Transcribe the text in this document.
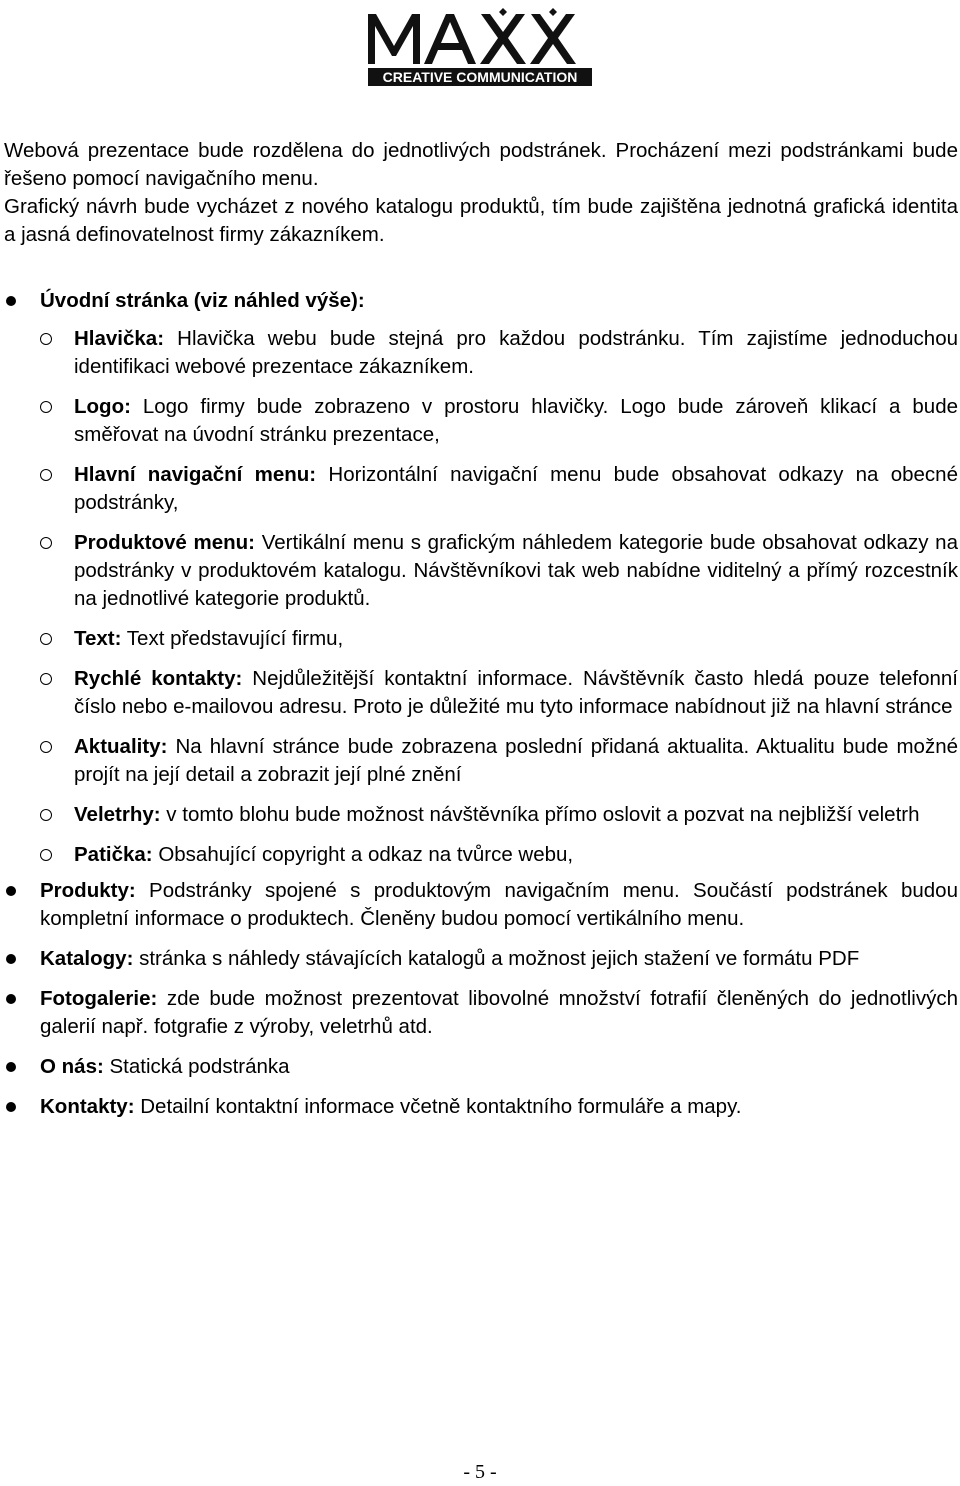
CREATIVE COMMUNICATION

Webová prezentace bude rozdělena do jednotlivých podstránek. Procházení mezi podstránkami bude řešeno pomocí navigačního menu.

Grafický návrh bude vycházet z nového katalogu produktů, tím bude zajištěna jednotná grafická identita a jasná definovatelnost firmy zákazníkem.

Úvodní stránka (viz náhled výše):
Hlavička: Hlavička webu bude stejná pro každou podstránku. Tím zajistíme jednoduchou identifikaci webové prezentace zákazníkem.
Logo: Logo firmy bude zobrazeno v prostoru hlavičky. Logo bude zároveň klikací a bude směřovat na úvodní stránku prezentace,
Hlavní navigační menu: Horizontální navigační menu bude obsahovat odkazy na obecné podstránky,
Produktové menu: Vertikální menu s grafickým náhledem kategorie bude obsahovat odkazy na podstránky v produktovém katalogu. Návštěvníkovi tak web nabídne viditelný a přímý rozcestník na jednotlivé kategorie produktů.
Text: Text představující firmu,
Rychlé kontakty: Nejdůležitější kontaktní informace. Návštěvník často hledá pouze telefonní číslo nebo e-mailovou adresu. Proto je důležité mu tyto informace nabídnout již na hlavní stránce
Aktuality: Na hlavní stránce bude zobrazena poslední přidaná aktualita. Aktualitu bude možné projít na její detail a zobrazit její plné znění
Veletrhy: v tomto blohu bude možnost návštěvníka přímo oslovit a pozvat na nejbližší veletrh
Patička: Obsahující copyright a odkaz na tvůrce webu,
Produkty: Podstránky spojené s produktovým navigačním menu. Součástí podstránek budou kompletní informace o produktech. Členěny budou pomocí vertikálního menu.
Katalogy: stránka s náhledy stávajících katalogů a možnost jejich stažení ve formátu PDF
Fotogalerie: zde bude možnost prezentovat libovolné množství fotrafií členěných do jednotlivých galerií např. fotgrafie z výroby, veletrhů atd.
O nás: Statická podstránka
Kontakty: Detailní kontaktní informace včetně kontaktního formuláře a mapy.
- 5 -
